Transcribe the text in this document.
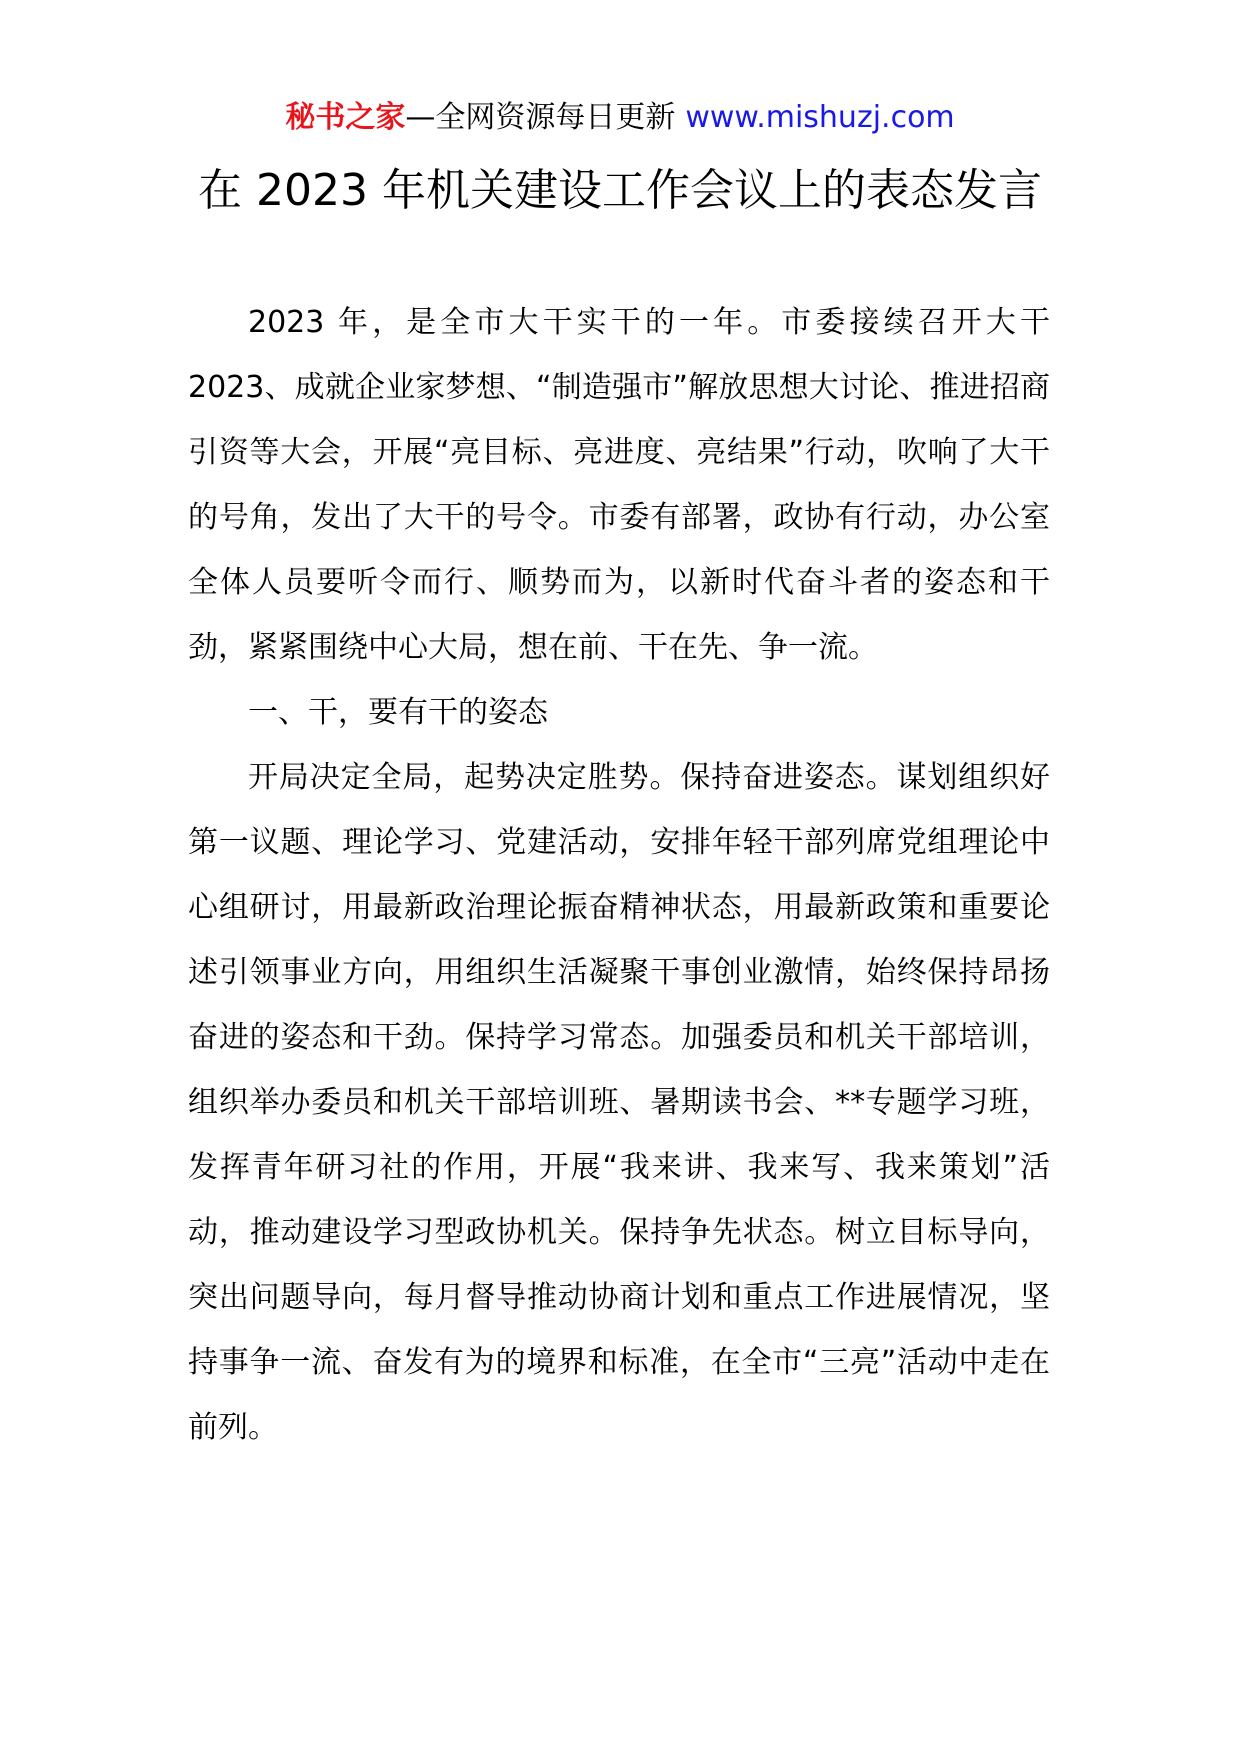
秘书之家—全网资源每日更新 www.mishuzj.com
在 2023 年机关建设工作会议上的表态发言

2023 年，是全市大干实干的一年。市委接续召开大干 2023、成就企业家梦想、“制造强市”解放思想大讨论、推进招商引资等大会，开展“亮目标、亮进度、亮结果”行动，吹响了大干的号角，发出了大干的号令。市委有部署，政协有行动，办公室全体人员要听令而行、顺势而为，以新时代奋斗者的姿态和干劲，紧紧围绕中心大局，想在前、干在先、争一流。

一、干，要有干的姿态

开局决定全局，起势决定胜势。保持奋进姿态。谋划组织好第一议题、理论学习、党建活动，安排年轻干部列席党组理论中心组研讨，用最新政治理论振奋精神状态，用最新政策和重要论述引领事业方向，用组织生活凝聚干事创业激情，始终保持昂扬奋进的姿态和干劲。保持学习常态。加强委员和机关干部培训，组织举办委员和机关干部培训班、暑期读书会、**专题学习班，发挥青年研习社的作用，开展“我来讲、我来写、我来策划”活动，推动建设学习型政协机关。保持争先状态。树立目标导向，突出问题导向，每月督导推动协商计划和重点工作进展情况，坚持事争一流、奋发有为的境界和标准，在全市“三亮”活动中走在前列。
